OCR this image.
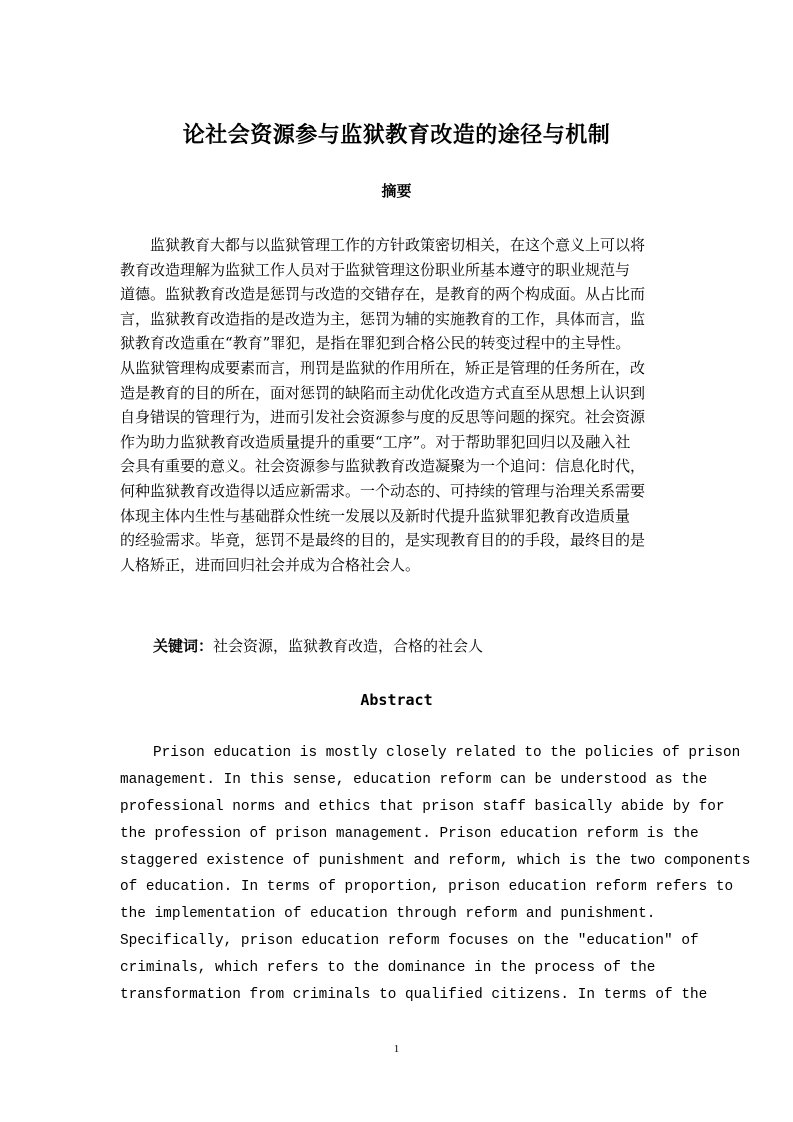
论社会资源参与监狱教育改造的途径与机制
摘要
　　监狱教育大都与以监狱管理工作的方针政策密切相关，在这个意义上可以将
教育改造理解为监狱工作人员对于监狱管理这份职业所基本遵守的职业规范与
道德。监狱教育改造是惩罚与改造的交错存在，是教育的两个构成面。从占比而
言，监狱教育改造指的是改造为主，惩罚为辅的实施教育的工作，具体而言，监
狱教育改造重在“教育”罪犯，是指在罪犯到合格公民的转变过程中的主导性。
从监狱管理构成要素而言，刑罚是监狱的作用所在，矫正是管理的任务所在，改
造是教育的目的所在，面对惩罚的缺陷而主动优化改造方式直至从思想上认识到
自身错误的管理行为，进而引发社会资源参与度的反思等问题的探究。社会资源
作为助力监狱教育改造质量提升的重要“工序”。对于帮助罪犯回归以及融入社
会具有重要的意义。社会资源参与监狱教育改造凝聚为一个追问：信息化时代，
何种监狱教育改造得以适应新需求。一个动态的、可持续的管理与治理关系需要
体现主体内生性与基础群众性统一发展以及新时代提升监狱罪犯教育改造质量
的经验需求。毕竟，惩罚不是最终的目的，是实现教育目的的手段，最终目的是
人格矫正，进而回归社会并成为合格社会人。
关键词：社会资源，监狱教育改造，合格的社会人
Abstract
Prison education is mostly closely related to the policies of prison
management. In this sense, education reform can be understood as the
professional norms and ethics that prison staff basically abide by for
the profession of prison management. Prison education reform is the
staggered existence of punishment and reform, which is the two components
of education. In terms of proportion, prison education reform refers to
the implementation of education through reform and punishment.
Specifically, prison education reform focuses on the "education" of
criminals, which refers to the dominance in the process of the
transformation from criminals to qualified citizens. In terms of the
1
